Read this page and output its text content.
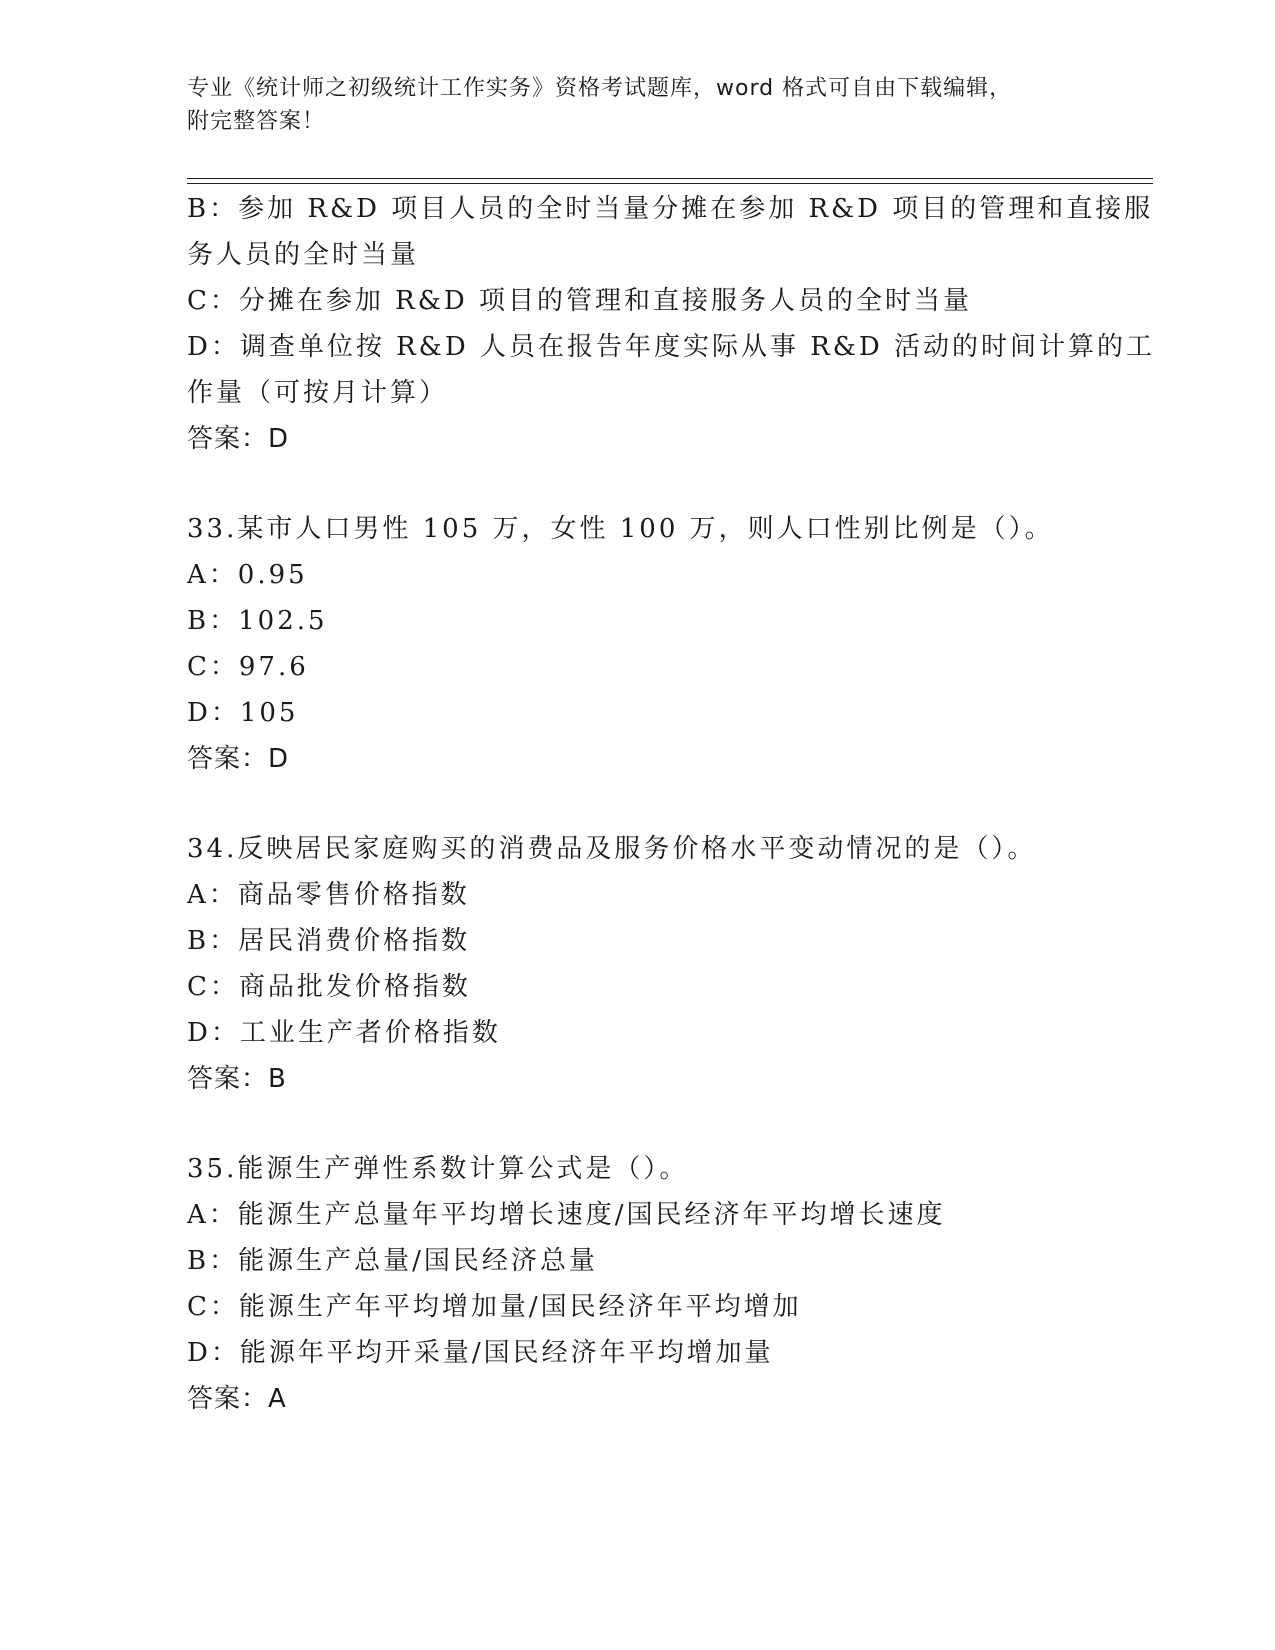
专业《统计师之初级统计工作实务》资格考试题库，word 格式可自由下载编辑，
附完整答案！
B：参加 R&D 项目人员的全时当量分摊在参加 R&D 项目的管理和直接服
务人员的全时当量
C：分摊在参加 R&D 项目的管理和直接服务人员的全时当量
D：调查单位按 R&D 人员在报告年度实际从事 R&D 活动的时间计算的工
作量（可按月计算）
答案：D
33.某市人口男性 105 万，女性 100 万，则人口性别比例是（）。
A：0.95
B：102.5
C：97.6
D：105
答案：D
34.反映居民家庭购买的消费品及服务价格水平变动情况的是（）。
A：商品零售价格指数
B：居民消费价格指数
C：商品批发价格指数
D：工业生产者价格指数
答案：B
35.能源生产弹性系数计算公式是（）。
A：能源生产总量年平均增长速度/国民经济年平均增长速度
B：能源生产总量/国民经济总量
C：能源生产年平均增加量/国民经济年平均增加
D：能源年平均开采量/国民经济年平均增加量
答案：A
